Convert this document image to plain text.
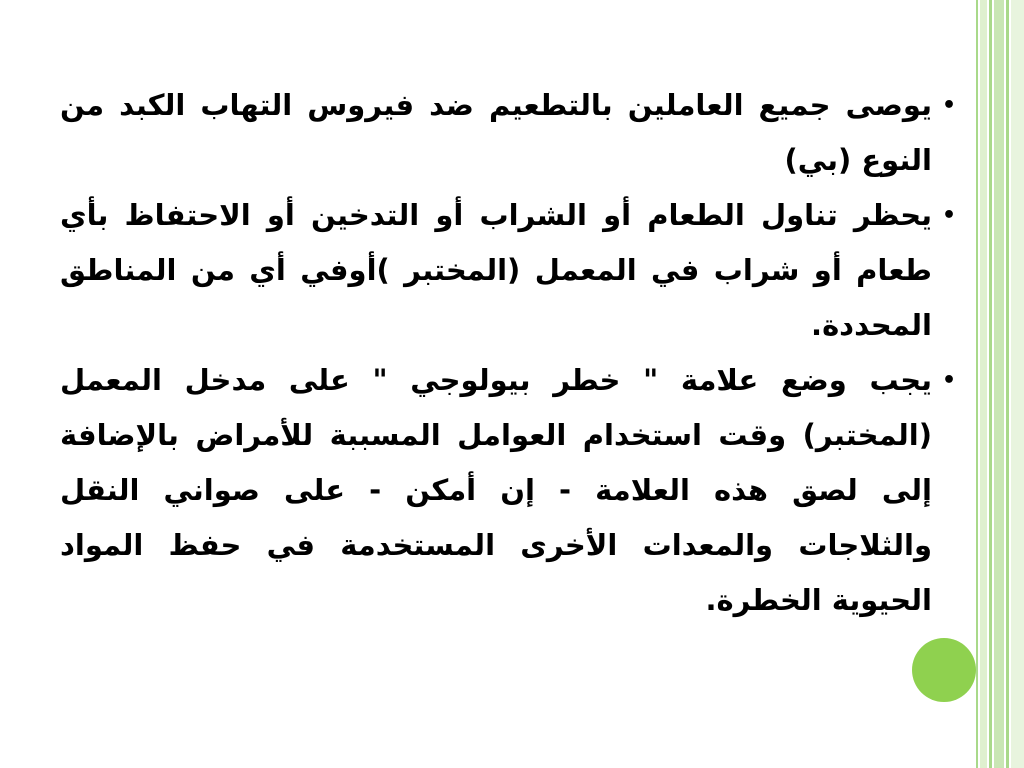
•
يوصى جميع العاملين بالتطعيم ضد فيروس التهاب الكبد من النوع (بي)

•
يحظر تناول الطعام أو الشراب أو التدخين أو الاحتفاظ بأي طعام أو شراب في المعمل (المختبر )أوفي أي من المناطق المحددة.

•
يجب وضع علامة " خطر بيولوجي " على مدخل المعمل (المختبر) وقت استخدام العوامل المسببة للأمراض بالإضافة إلى لصق هذه العلامة - إن أمكن - على صواني النقل والثلاجات والمعدات الأخرى المستخدمة في حفظ المواد الحيوية الخطرة.
